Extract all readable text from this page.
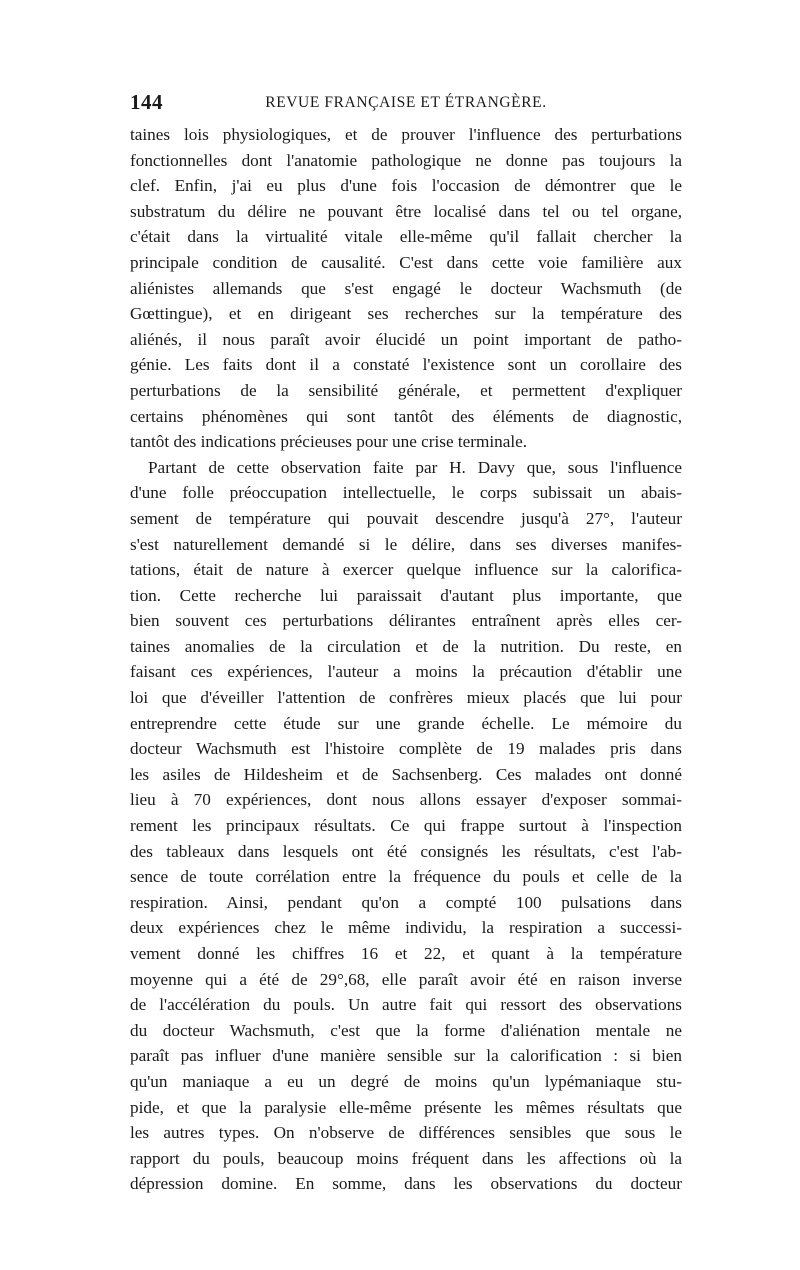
144	REVUE FRANÇAISE ET ÉTRANGÈRE.
taines lois physiologiques, et de prouver l'influence des perturbations
fonctionnelles dont l'anatomie pathologique ne donne pas toujours la
clef. Enfin, j'ai eu plus d'une fois l'occasion de démontrer que le
substratum du délire ne pouvant être localisé dans tel ou tel organe,
c'était dans la virtualité vitale elle-même qu'il fallait chercher la
principale condition de causalité. C'est dans cette voie familière aux
aliénistes allemands que s'est engagé le docteur Wachsmuth (de
Gœttingue), et en dirigeant ses recherches sur la température des
aliénés, il nous paraît avoir élucidé un point important de patho-
génie. Les faits dont il a constaté l'existence sont un corollaire des
perturbations de la sensibilité générale, et permettent d'expliquer
certains phénomènes qui sont tantôt des éléments de diagnostic,
tantôt des indications précieuses pour une crise terminale.
Partant de cette observation faite par H. Davy que, sous l'influence
d'une folle préoccupation intellectuelle, le corps subissait un abais-
sement de température qui pouvait descendre jusqu'à 27°, l'auteur
s'est naturellement demandé si le délire, dans ses diverses manifes-
tations, était de nature à exercer quelque influence sur la calorifica-
tion. Cette recherche lui paraissait d'autant plus importante, que
bien souvent ces perturbations délirantes entraînent après elles cer-
taines anomalies de la circulation et de la nutrition. Du reste, en
faisant ces expériences, l'auteur a moins la précaution d'établir une
loi que d'éveiller l'attention de confrères mieux placés que lui pour
entreprendre cette étude sur une grande échelle. Le mémoire du
docteur Wachsmuth est l'histoire complète de 19 malades pris dans
les asiles de Hildesheim et de Sachsenberg. Ces malades ont donné
lieu à 70 expériences, dont nous allons essayer d'exposer sommai-
rement les principaux résultats. Ce qui frappe surtout à l'inspection
des tableaux dans lesquels ont été consignés les résultats, c'est l'ab-
sence de toute corrélation entre la fréquence du pouls et celle de la
respiration. Ainsi, pendant qu'on a compté 100 pulsations dans
deux expériences chez le même individu, la respiration a successi-
vement donné les chiffres 16 et 22, et quant à la température
moyenne qui a été de 29°,68, elle paraît avoir été en raison inverse
de l'accélération du pouls. Un autre fait qui ressort des observations
du docteur Wachsmuth, c'est que la forme d'aliénation mentale ne
paraît pas influer d'une manière sensible sur la calorification : si bien
qu'un maniaque a eu un degré de moins qu'un lypémaniaque stu-
pide, et que la paralysie elle-même présente les mêmes résultats que
les autres types. On n'observe de différences sensibles que sous le
rapport du pouls, beaucoup moins fréquent dans les affections où la
dépression domine. En somme, dans les observations du docteur
